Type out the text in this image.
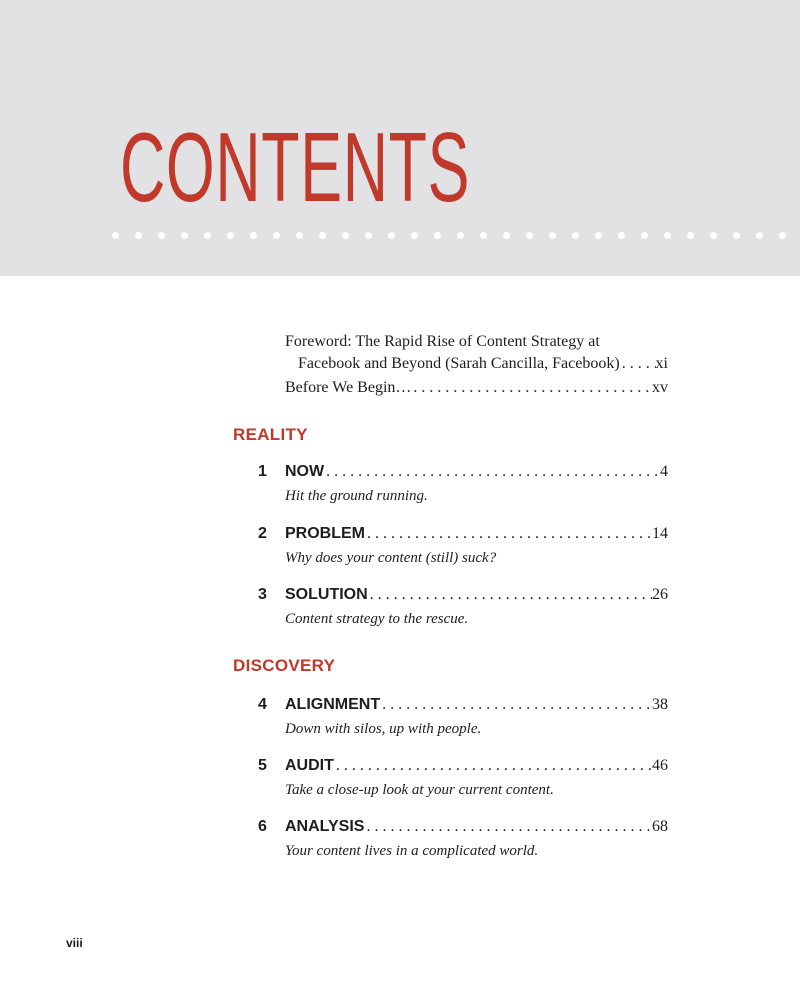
CONTENTS
Foreword: The Rapid Rise of Content Strategy at
Facebook and Beyond (Sarah Cancilla, Facebook) . . . xi
Before We Begin… . . .	xv
REALITY
1	NOW . . .	4
Hit the ground running.
2	PROBLEM . . .	14
Why does your content (still) suck?
3	SOLUTION . . .	26
Content strategy to the rescue.
DISCOVERY
4	ALIGNMENT . . .	38
Down with silos, up with people.
5	AUDIT . . .	46
Take a close-up look at your current content.
6	ANALYSIS . . .	68
Your content lives in a complicated world.
viii
